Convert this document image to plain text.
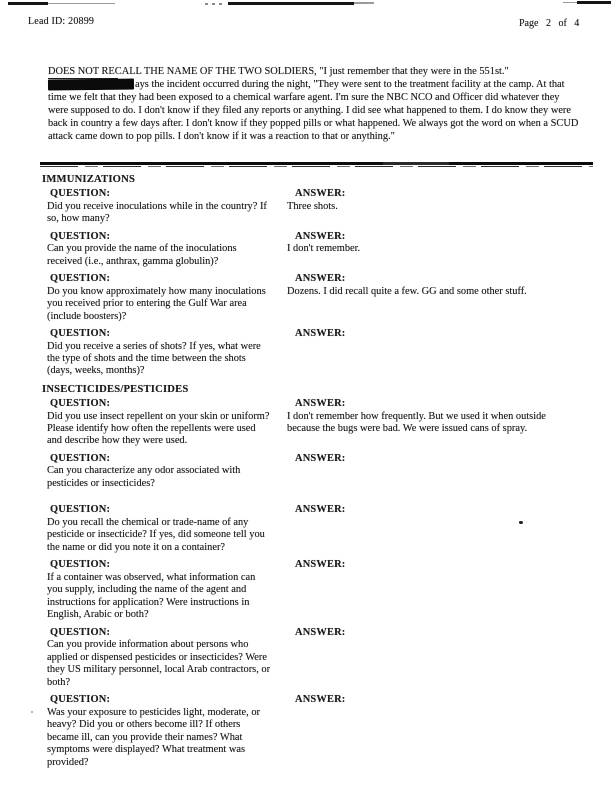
Lead ID: 20899	Page 2 of 4
DOES NOT RECALL THE NAME OF THE TWO SOLDIERS, "I just remember that they were in the 551st."
ays the incident occurred during the night, "They were sent to the treatment facility at the camp. At that time we felt that they had been exposed to a chemical warfare agent. I'm sure the NBC NCO and Officer did whatever they were supposed to do. I don't know if they filed any reports or anything. I did see what happened to them. I do know they were back in country a few days after. I don't know if they popped pills or what happened. We always got the word on when a SCUD attack came down to pop pills. I don't know if it was a reaction to that or anything."
IMMUNIZATIONS
QUESTION:
Did you receive inoculations while in the country? If so, how many?
ANSWER:
Three shots.
QUESTION:
Can you provide the name of the inoculations received (i.e., anthrax, gamma globulin)?
ANSWER:
I don't remember.
QUESTION:
Do you know approximately how many inoculations you received prior to entering the Gulf War area (include boosters)?
ANSWER:
Dozens. I did recall quite a few. GG and some other stuff.
QUESTION:
Did you receive a series of shots? If yes, what were the type of shots and the time between the shots (days, weeks, months)?
ANSWER:
INSECTICIDES/PESTICIDES
QUESTION:
Did you use insect repellent on your skin or uniform? Please identify how often the repellents were used and describe how they were used.
ANSWER:
I don't remember how frequently. But we used it when outside because the bugs were bad. We were issued cans of spray.
QUESTION:
Can you characterize any odor associated with pesticides or insecticides?
ANSWER:
QUESTION:
Do you recall the chemical or trade-name of any pesticide or insecticide? If yes, did someone tell you the name or did you note it on a container?
ANSWER:
QUESTION:
If a container was observed, what information can you supply, including the name of the agent and instructions for application? Were instructions in English, Arabic or both?
ANSWER:
QUESTION:
Can you provide information about persons who applied or dispensed pesticides or insecticides? Were they US military personnel, local Arab contractors, or both?
ANSWER:
QUESTION:
Was your exposure to pesticides light, moderate, or heavy? Did you or others become ill? If others became ill, can you provide their names? What symptoms were displayed? What treatment was provided?
ANSWER:
